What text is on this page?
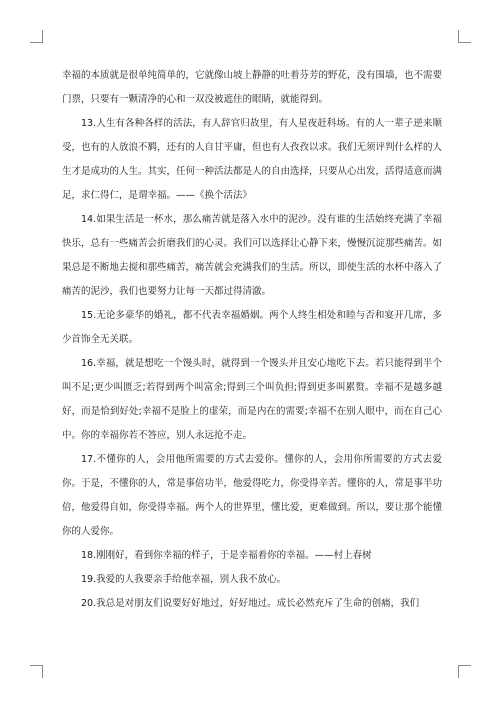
幸福的本质就是很单纯简单的，它就像山坡上静静的吐着芬芳的野花，没有围墙，也不需要门票，只要有一颗清净的心和一双没被遮住的眼睛，就能得到。

13.人生有各种各样的活法，有人辞官归故里，有人星夜赶科场。有的人一辈子逆来顺受，也有的人放浪不羁，还有的人自甘平庸，但也有人孜孜以求。我们无须评判什么样的人生才是成功的人生。其实，任何一种活法都是人的自由选择，只要从心出发，活得适意而满足，求仁得仁，是谓幸福。——《换个活法》

14.如果生活是一杯水，那么痛苦就是落入水中的泥沙。没有谁的生活始终充满了幸福快乐，总有一些痛苦会折磨我们的心灵。我们可以选择让心静下来，慢慢沉淀那些痛苦。如果总是不断地去搅和那些痛苦，痛苦就会充满我们的生活。所以，即使生活的水杯中落入了痛苦的泥沙，我们也要努力让每一天都过得清澈。

15.无论多豪华的婚礼，都不代表幸福婚姻。两个人终生相处和睦与否和宴开几席，多少首饰全无关联。

16.幸福，就是想吃一个馒头时，就得到一个馒头并且安心地吃下去。若只能得到半个叫不足;更少叫匮乏;若得到两个叫富余;得到三个叫负担;得到更多叫累赘。幸福不是越多越好，而是恰到好处;幸福不是脸上的虚荣，而是内在的需要;幸福不在别人眼中，而在自己心中。你的幸福你若不答应，别人永远抢不走。

17.不懂你的人，会用他所需要的方式去爱你。懂你的人，会用你所需要的方式去爱你。于是，不懂你的人，常是事倍功半，他爱得吃力，你受得辛苦。懂你的人，常是事半功倍，他爱得自如，你受得幸福。两个人的世界里，懂比爱，更难做到。所以，要让那个能懂你的人爱你。

18.刚刚好，看到你幸福的样子，于是幸福着你的幸福。——村上春树

19.我爱的人我要亲手给他幸福，别人我不放心。

20.我总是对朋友们说要好好地过，好好地过。成长必然充斥了生命的创痛，我们
